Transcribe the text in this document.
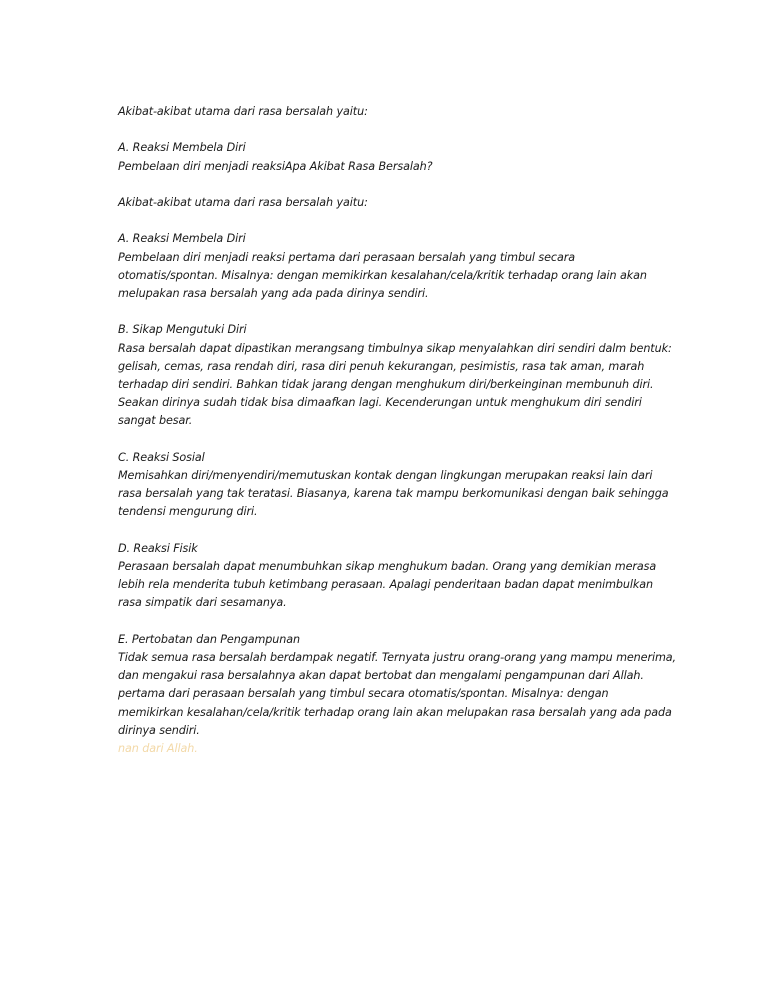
Akibat-akibat utama dari rasa bersalah yaitu:

A. Reaksi Membela Diri
Pembelaan diri menjadi reaksiApa Akibat Rasa Bersalah?

Akibat-akibat utama dari rasa bersalah yaitu:

A. Reaksi Membela Diri
Pembelaan diri menjadi reaksi pertama dari perasaan bersalah yang timbul secara
otomatis/spontan. Misalnya: dengan memikirkan kesalahan/cela/kritik terhadap orang lain akan
melupakan rasa bersalah yang ada pada dirinya sendiri.

B. Sikap Mengutuki Diri
Rasa bersalah dapat dipastikan merangsang timbulnya sikap menyalahkan diri sendiri dalm bentuk:
gelisah, cemas, rasa rendah diri, rasa diri penuh kekurangan, pesimistis, rasa tak aman, marah
terhadap diri sendiri. Bahkan tidak jarang dengan menghukum diri/berkeinginan membunuh diri.
Seakan dirinya sudah tidak bisa dimaafkan lagi. Kecenderungan untuk menghukum diri sendiri
sangat besar.

C. Reaksi Sosial
Memisahkan diri/menyendiri/memutuskan kontak dengan lingkungan merupakan reaksi lain dari
rasa bersalah yang tak teratasi. Biasanya, karena tak mampu berkomunikasi dengan baik sehingga
tendensi mengurung diri.

D. Reaksi Fisik
Perasaan bersalah dapat menumbuhkan sikap menghukum badan. Orang yang demikian merasa
lebih rela menderita tubuh ketimbang perasaan. Apalagi penderitaan badan dapat menimbulkan
rasa simpatik dari sesamanya.

E. Pertobatan dan Pengampunan
Tidak semua rasa bersalah berdampak negatif. Ternyata justru orang-orang yang mampu menerima,
dan mengakui rasa bersalahnya akan dapat bertobat dan mengalami pengampunan dari Allah.
pertama dari perasaan bersalah yang timbul secara otomatis/spontan. Misalnya: dengan
memikirkan kesalahan/cela/kritik terhadap orang lain akan melupakan rasa bersalah yang ada pada
dirinya sendiri.
nan dari Allah.
